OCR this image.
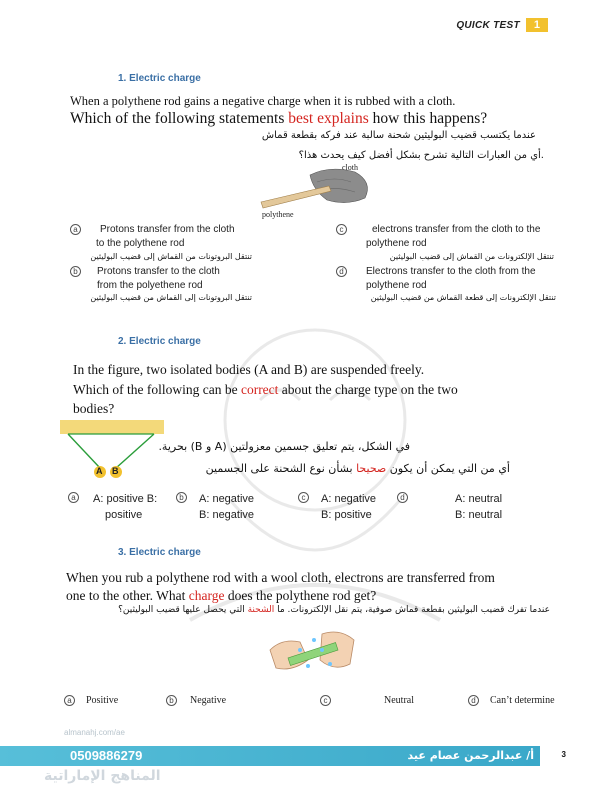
QUICK TEST	1
1. Electric charge
When a polythene rod gains a negative charge when it is rubbed with a cloth.
Which of the following statements best explains how this happens?
عندما يكتسب قضيب البوليثين شحنة سالبة عند فركه بقطعة قماش
.أي من العبارات التالية تشرح بشكل أفضل كيف يحدث هذا؟
cloth
polythene
a	Protons transfer from the cloth
to the polythene rod
تنتقل البروتونات من القماش إلى قضيب البوليثين
b	Protons transfer to the cloth
from the polyethene rod
تنتقل البروتونات إلى القماش من قضيب البوليثين
c	electrons transfer from the cloth to the
polythene rod
تنتقل الإلكترونات من القماش إلى قضيب البوليثين
d	Electrons transfer to the cloth from the
polythene rod
تنتقل الإلكترونات إلى قطعة القماش من قضيب البوليثين
2. Electric charge
In the figure, two isolated bodies (A and B) are suspended freely.
Which of the following can be correct about the charge type on the two
bodies?
A B
في الشكل، يتم تعليق جسمين معزولتين (A و B) بحرية.
أي من التي يمكن أن يكون صحيحا بشأن نوع الشحنة على الجسمين
a A: positive B:
positive
b A: negative
B: negative
c	A: negative
B: positive
d	A: neutral
B: neutral
3. Electric charge
When you rub a polythene rod with a wool cloth, electrons are transferred from
one to the other. What charge does the polythene rod get?
عندما تفرك قضيب البوليثين بقطعة قماش صوفية، يتم نقل الإلكترونات. ما الشحنة التي يحصل عليها قضيب البوليثين؟
a	Positive	b	Negative	c	Neutral	d	Can’t determine
almanahj.com/ae
0509886279	أ/ عبدالرحمن عصام عيد	3
المناهج الإماراتية
